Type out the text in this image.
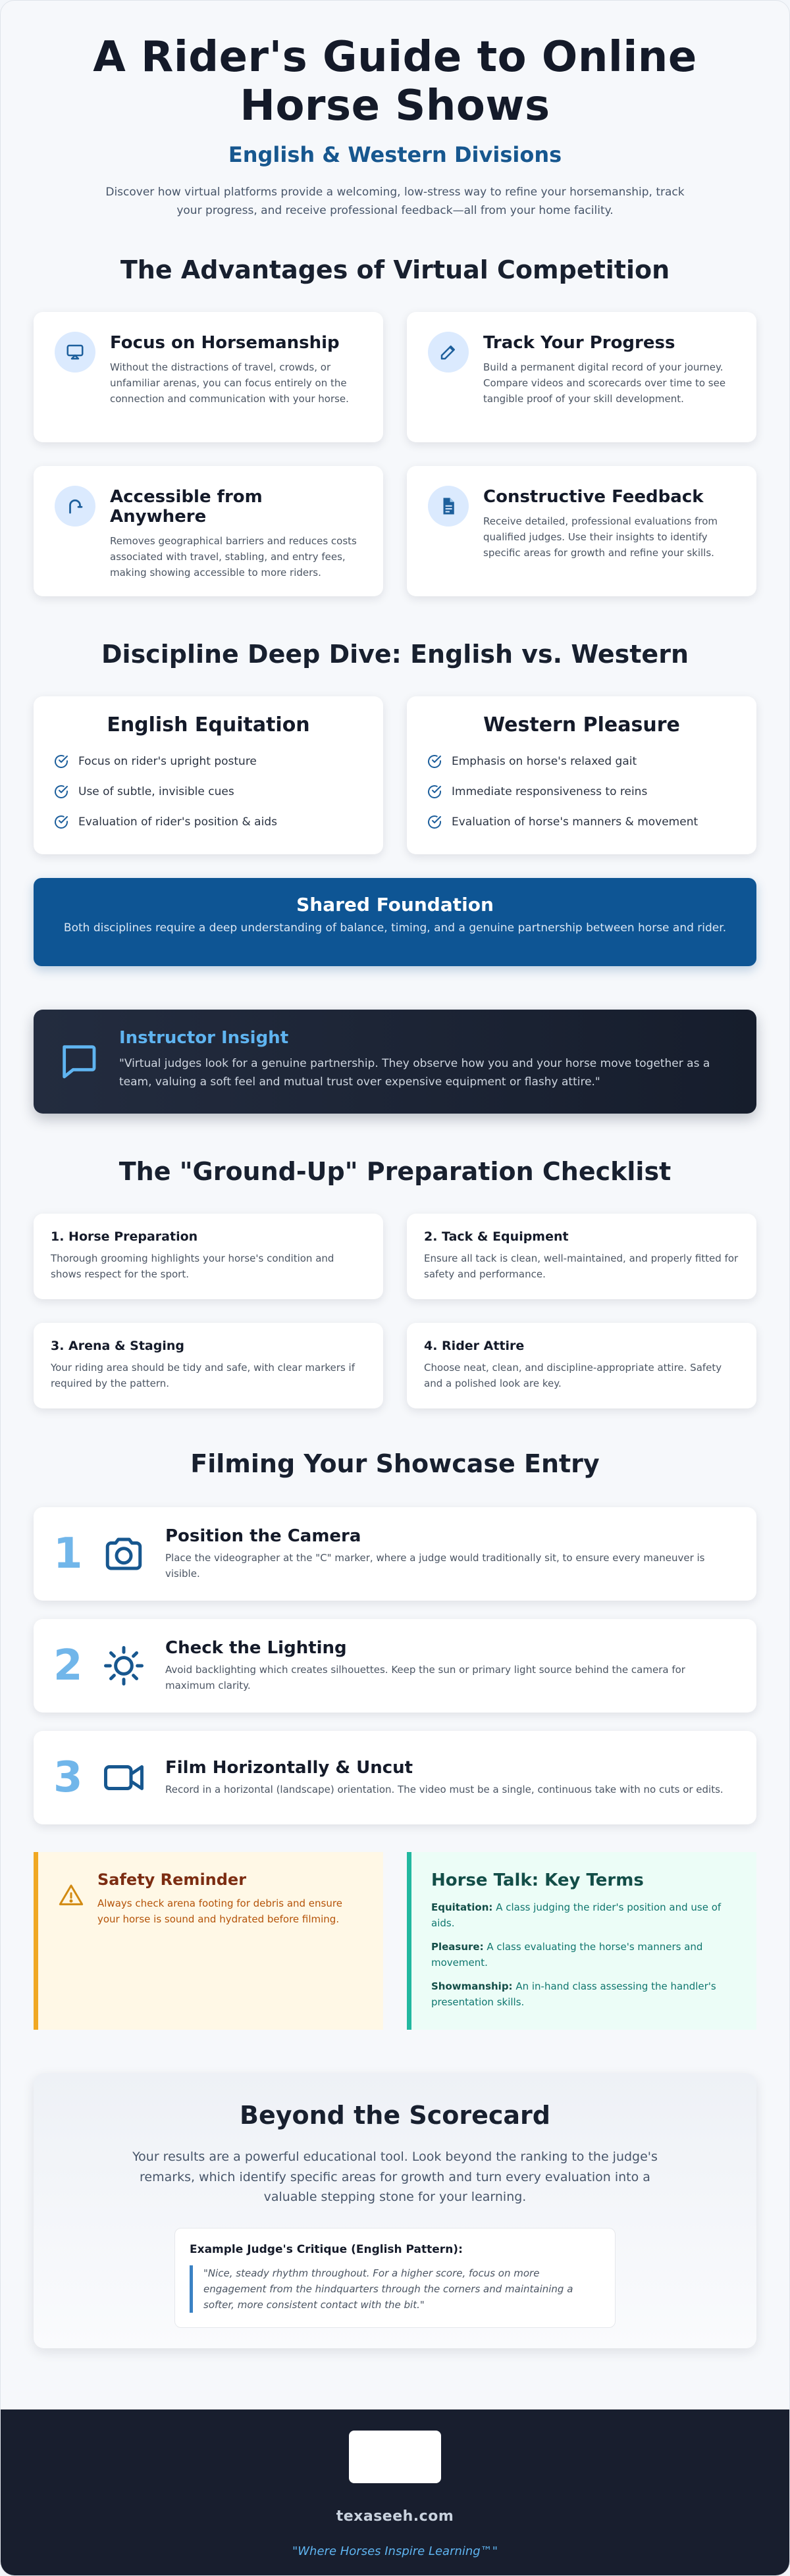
A Rider's Guide to Online Horse Shows
English & Western Divisions

Discover how virtual platforms provide a welcoming, low-stress way to refine your horsemanship, track your progress, and receive professional feedback—all from your home facility.

The Advantages of Virtual Competition
Focus on Horsemanship

Without the distractions of travel, crowds, or unfamiliar arenas, you can focus entirely on the connection and communication with your horse.

Track Your Progress

Build a permanent digital record of your journey. Compare videos and scorecards over time to see tangible proof of your skill development.

Accessible from Anywhere

Removes geographical barriers and reduces costs associated with travel, stabling, and entry fees, making showing accessible to more riders.

Constructive Feedback

Receive detailed, professional evaluations from qualified judges. Use their insights to identify specific areas for growth and refine your skills.

Discipline Deep Dive: English vs. Western
English Equitation
Focus on rider's upright posture
Use of subtle, invisible cues
Evaluation of rider's position & aids
Western Pleasure
Emphasis on horse's relaxed gait
Immediate responsiveness to reins
Evaluation of horse's manners & movement
Shared Foundation

Both disciplines require a deep understanding of balance, timing, and a genuine partnership between horse and rider.

Instructor Insight

"Virtual judges look for a genuine partnership. They observe how you and your horse move together as a team, valuing a soft feel and mutual trust over expensive equipment or flashy attire."

The "Ground-Up" Preparation Checklist
1. Horse Preparation

Thorough grooming highlights your horse's condition and shows respect for the sport.

2. Tack & Equipment

Ensure all tack is clean, well-maintained, and properly fitted for safety and performance.

3. Arena & Staging

Your riding area should be tidy and safe, with clear markers if required by the pattern.

4. Rider Attire

Choose neat, clean, and discipline-appropriate attire. Safety and a polished look are key.

Filming Your Showcase Entry
1	Position the Camera

Place the videographer at the "C" marker, where a judge would traditionally sit, to ensure every maneuver is visible.

2	Check the Lighting

Avoid backlighting which creates silhouettes. Keep the sun or primary light source behind the camera for maximum clarity.

3	Film Horizontally & Uncut

Record in a horizontal (landscape) orientation. The video must be a single, continuous take with no cuts or edits.

Safety Reminder

Always check arena footing for debris and ensure your horse is sound and hydrated before filming.

Horse Talk: Key Terms

Equitation: A class judging the rider's position and use of aids.

Pleasure: A class evaluating the horse's manners and movement.

Showmanship: An in-hand class assessing the handler's presentation skills.

Beyond the Scorecard

Your results are a powerful educational tool. Look beyond the ranking to the judge's remarks, which identify specific areas for growth and turn every evaluation into a valuable stepping stone for your learning.

Example Judge's Critique (English Pattern):
"Nice, steady rhythm throughout. For a higher score, focus on more engagement from the hindquarters through the corners and maintaining a softer, more consistent contact with the bit."
texaseeh.com
"Where Horses Inspire Learning™"
